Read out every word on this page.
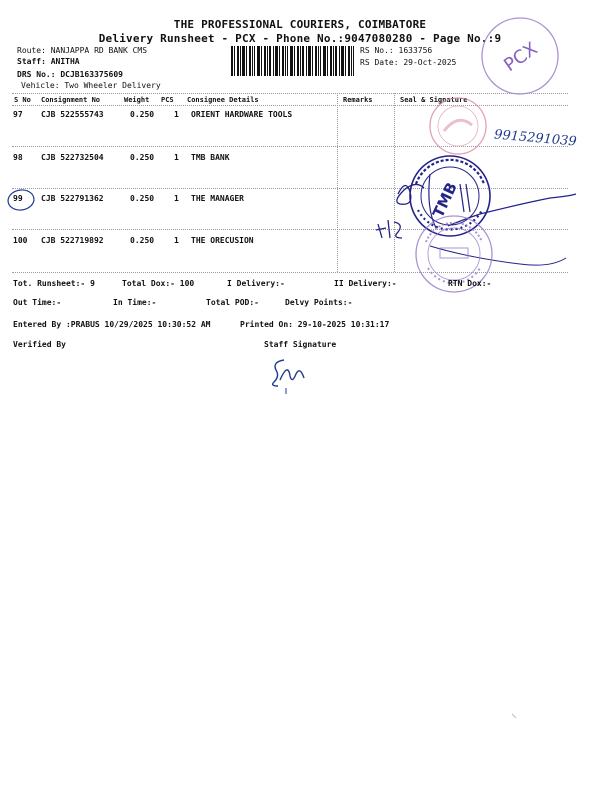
THE PROFESSIONAL COURIERS, COIMBATORE
Delivery Runsheet - PCX - Phone No.:9047080280 - Page No.:9
Route: NANJAPPA RD BANK CMS
Staff: ANITHA
DRS No.: DCJB163375609
Vehicle: Two Wheeler Delivery
RS No.: 1633756
RS Date: 29-Oct-2025 PCX
S No Consignment No	Weight PCS Consignee Details	Remarks	Seal & Signature
97 CJB 522555743	0.250 1 ORIENT HARDWARE TOOLS
98 CJB 522732504	0.250 1 TMB BANK
99 CJB 522791362	0.250 1 THE MANAGER
100 CJB 522719892	0.250 1 THE ORECUSION
9915291039
TMB
Tot. Runsheet:- 9	Total Dox:- 100	I Delivery:-	II Delivery:-	RTN Dox:-
Out Time:-	In Time:-	Total POD:-	Delvy Points:-
Entered By :PRABUS 10/29/2025 10:30:52 AM	Printed On: 29-10-2025 10:31:17
Verified By	Staff Signature
